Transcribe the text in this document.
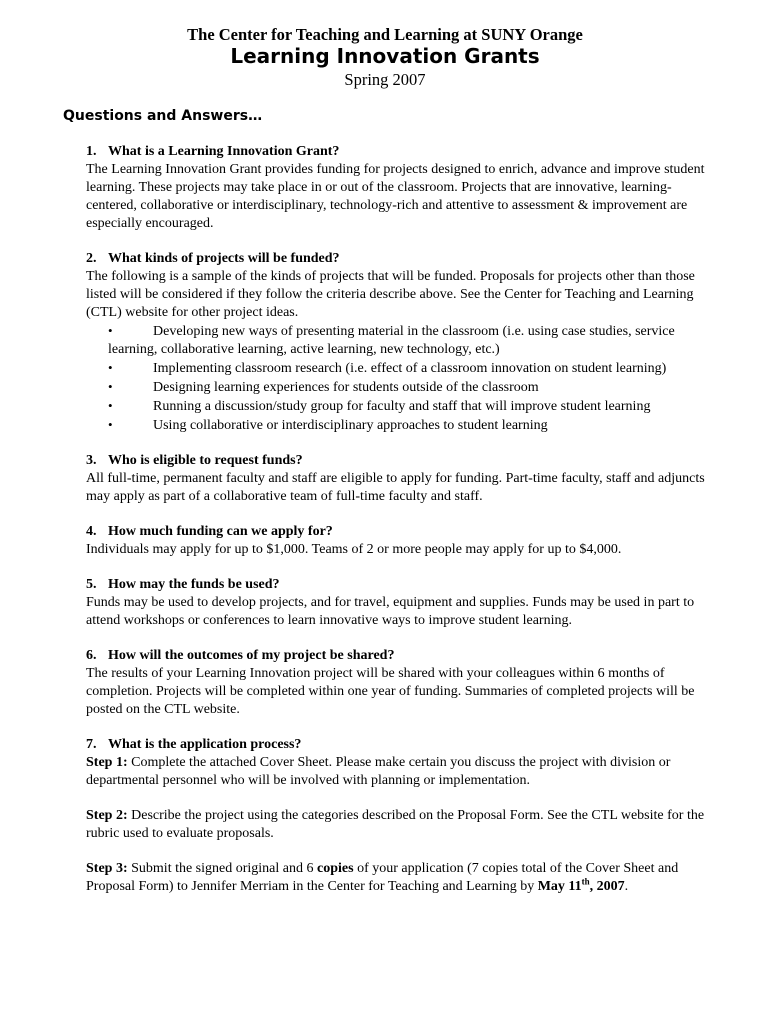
The Center for Teaching and Learning at SUNY Orange

Learning Innovation Grants

Spring 2007

Questions and Answers…

1. What is a Learning Innovation Grant?

The Learning Innovation Grant provides funding for projects designed to enrich, advance and improve student learning. These projects may take place in or out of the classroom. Projects that are innovative, learning-centered, collaborative or interdisciplinary, technology-rich and attentive to assessment & improvement are especially encouraged.

2. What kinds of projects will be funded?

The following is a sample of the kinds of projects that will be funded. Proposals for projects other than those listed will be considered if they follow the criteria describe above. See the Center for Teaching and Learning (CTL) website for other project ideas.

•	Developing new ways of presenting material in the classroom (i.e. using case studies, service learning, collaborative learning, active learning, new technology, etc.)
•	Implementing classroom research (i.e. effect of a classroom innovation on student learning)
•	Designing learning experiences for students outside of the classroom
•	Running a discussion/study group for faculty and staff that will improve student learning
•	Using collaborative or interdisciplinary approaches to student learning

3. Who is eligible to request funds?

All full-time, permanent faculty and staff are eligible to apply for funding. Part-time faculty, staff and adjuncts may apply as part of a collaborative team of full-time faculty and staff.

4. How much funding can we apply for?

Individuals may apply for up to $1,000. Teams of 2 or more people may apply for up to $4,000.

5. How may the funds be used?

Funds may be used to develop projects, and for travel, equipment and supplies. Funds may be used in part to attend workshops or conferences to learn innovative ways to improve student learning.

6. How will the outcomes of my project be shared?

The results of your Learning Innovation project will be shared with your colleagues within 6 months of completion. Projects will be completed within one year of funding. Summaries of completed projects will be posted on the CTL website.

7. What is the application process?

Step 1: Complete the attached Cover Sheet. Please make certain you discuss the project with division or departmental personnel who will be involved with planning or implementation.

Step 2: Describe the project using the categories described on the Proposal Form. See the CTL website for the rubric used to evaluate proposals.

Step 3: Submit the signed original and 6 copies of your application (7 copies total of the Cover Sheet and Proposal Form) to Jennifer Merriam in the Center for Teaching and Learning by May 11th, 2007.
